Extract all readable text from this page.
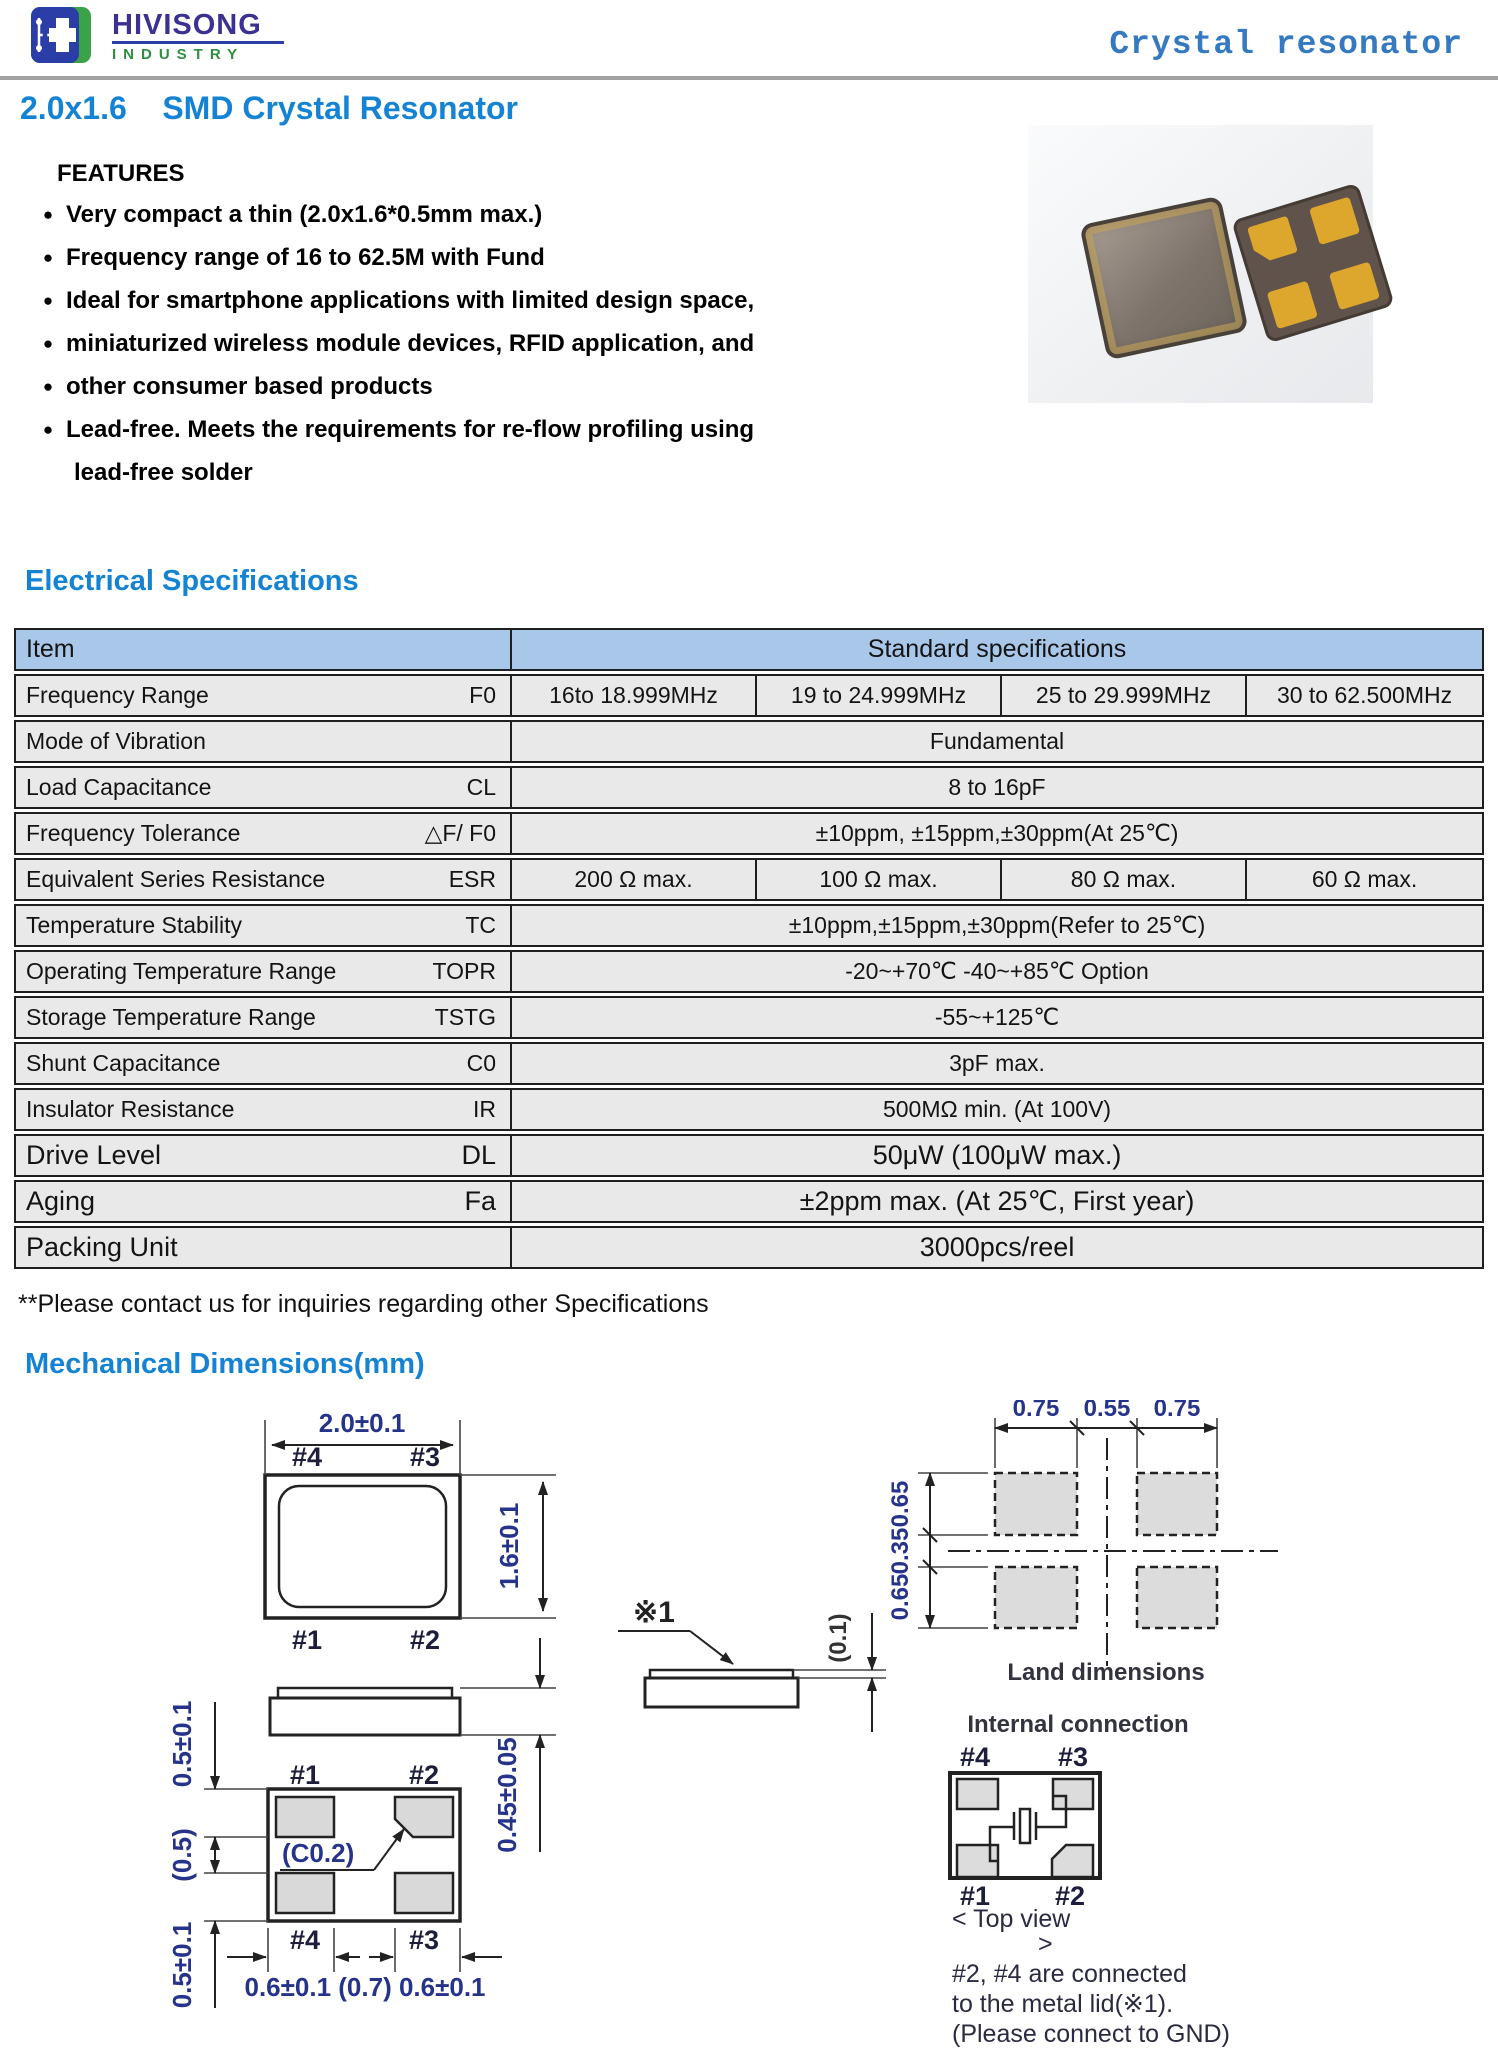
HIVISONG
INDUSTRY	Crystal resonator
2.0x1.6    SMD Crystal Resonator
FEATURES
● Very compact a thin (2.0x1.6*0.5mm max.)
● Frequency range of 16 to 62.5M with Fund
● Ideal for smartphone applications with limited design space,
● miniaturized wireless module devices, RFID application, and
● other consumer based products
● Lead-free. Meets the requirements for re-flow profiling using
lead-free solder
Electrical Specifications
Item		Standard specifications			
Frequency Range	F0	16to 18.999MHz	19 to 24.999MHz	25 to 29.999MHz	30 to 62.500MHz
Mode of Vibration		Fundamental			
Load Capacitance	CL	8 to 16pF			
Frequency Tolerance	△F/ F0	±10ppm, ±15ppm,±30ppm(At 25℃)			
Equivalent Series Resistance	ESR	200 Ω max.	100 Ω max.	80 Ω max.	60 Ω max.
Temperature Stability	TC	±10ppm,±15ppm,±30ppm(Refer to 25℃)			
Operating Temperature Range	TOPR	-20~+70℃ -40~+85℃ Option			
Storage Temperature Range	TSTG	-55~+125℃			
Shunt Capacitance	C0	3pF max.			
Insulator Resistance	IR	500MΩ min. (At 100V)			
Drive Level	DL	50μW (100μW max.)			
Aging	Fa	±2ppm max. (At 25℃, First year)			
Packing Unit		3000pcs/reel			
**Please contact us for inquiries regarding other Specifications
Mechanical Dimensions(mm)
2.0±0.1
#4	#3
#1	#2
1.6±0.1
0.45±0.05
※1
(0.1)
#1	#2
#4	#3
(C0.2)
0.5±0.1
(0.5)
0.5±0.1 0.6±0.1 (0.7) 0.6±0.1
0.75 0.55 0.75
0.65
0.35
0.65
Land dimensions
Internal connection
#4	#3
#1 #2
< Top view
>
#2, #4 are connected
to the metal lid(※1).
(Please connect to GND)
